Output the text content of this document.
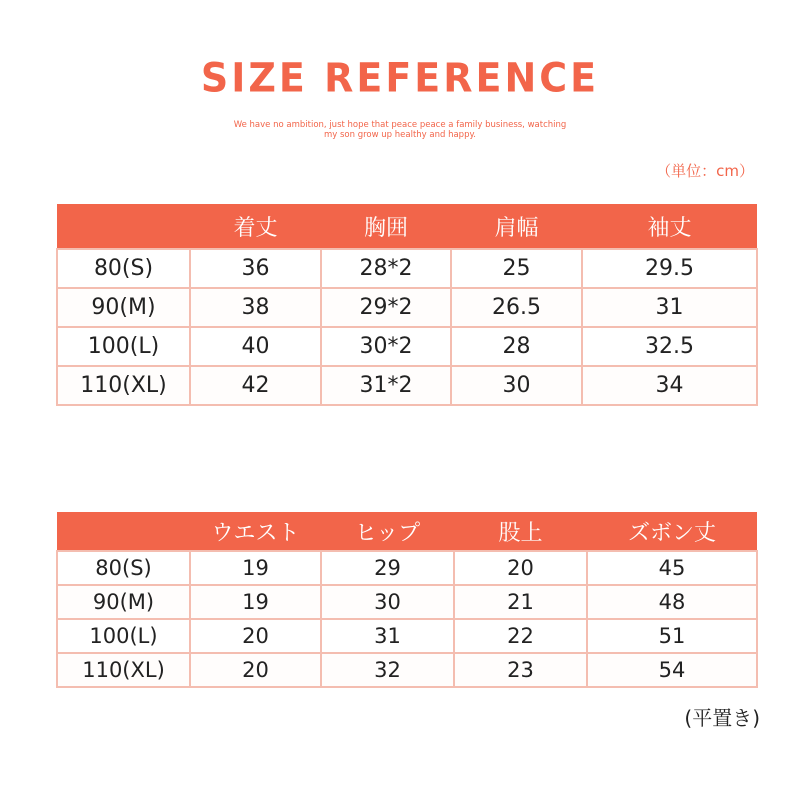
SIZE REFERENCE
We have no ambition, just hope that peace peace a family business, watching
my son grow up healthy and happy.
（単位：cm）
	着丈	胸囲	肩幅	袖丈
80(S)	36	28*2	25	29.5
90(M)	38	29*2	26.5	31
100(L)	40	30*2	28	32.5
110(XL)	42	31*2	30	34
	ウエスト	ヒップ	股上	ズボン丈
80(S)	19	29	20	45
90(M)	19	30	21	48
100(L)	20	31	22	51
110(XL)	20	32	23	54
(平置き)
